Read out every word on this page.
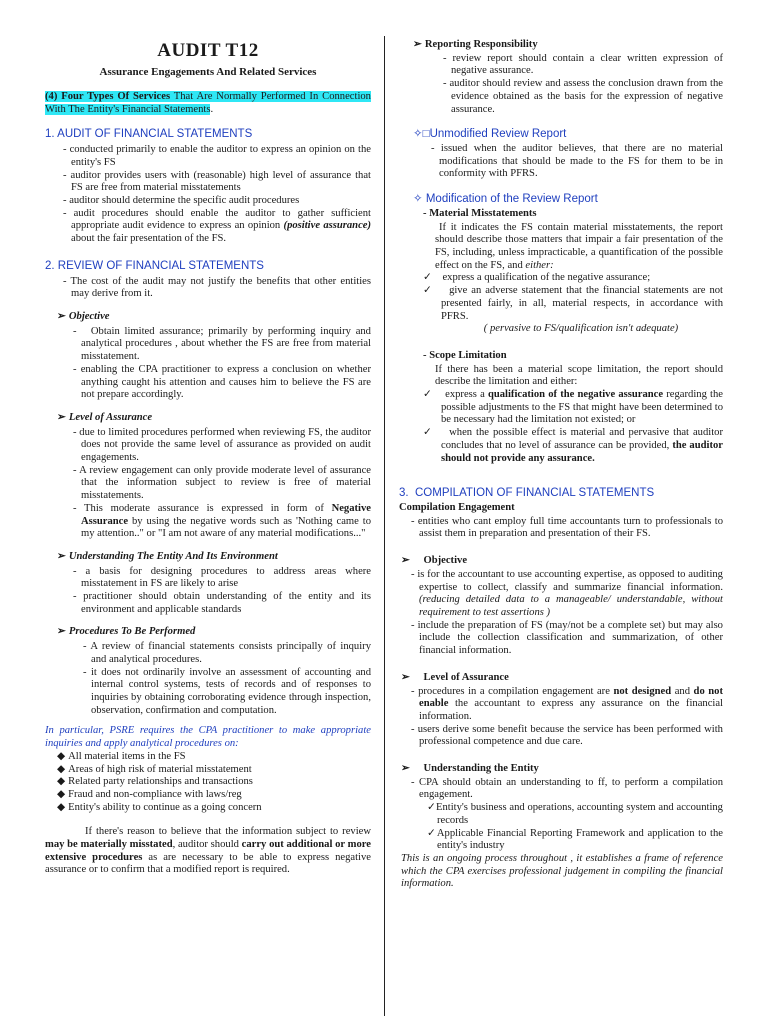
AUDIT T12
Assurance Engagements And Related Services
(4) Four Types Of Services That Are Normally Performed In Connection With The Entity's Financial Statements.
1. AUDIT OF FINANCIAL STATEMENTS
- conducted primarily to enable the auditor to express an opinion on the entity's FS
- auditor provides users with (reasonable) high level of assurance that FS are free from material misstatements
- auditor should determine the specific audit procedures
- audit procedures should enable the auditor to gather sufficient appropriate audit evidence to express an opinion (positive assurance) about the fair presentation of the FS.
2. REVIEW OF FINANCIAL STATEMENTS
- The cost of the audit may not justify the benefits that other entities may derive from it.
➢ Objective
-   Obtain limited assurance; primarily by performing inquiry and analytical procedures , about whether the FS are free from material misstatement.
- enabling the CPA practitioner to express a conclusion on whether anything caught his attention and causes him to believe the FS are not prepare accordingly.
➢ Level of Assurance
- due to limited procedures performed when reviewing FS, the auditor does not provide the same level of assurance as provided on audit engagements.
- A review engagement can only provide moderate level of assurance that the information subject to review is free of material misstatements.
- This moderate assurance is expressed in form of Negative Assurance by using the negative words such as 'Nothing came to my attention.." or "I am not aware of any material modifications..."
➢ Understanding The Entity And Its Environment
- a basis for designing procedures to address areas where misstatement in FS are likely to arise
- practitioner should obtain understanding of the entity and its environment and applicable standards
➢ Procedures To Be Performed
- A review of financial statements consists principally of inquiry and analytical procedures.
- it does not ordinarily involve an assessment of accounting and internal control systems, tests of records and of responses to inquiries by obtaining corroborating evidence through inspection, observation, confirmation and computation.
In particular, PSRE requires the CPA practitioner to make appropriate inquiries and apply analytical procedures on:
◆ All material items in the FS
◆ Areas of high risk of material misstatement
◆ Related party relationships and transactions
◆ Fraud and non-compliance with laws/reg
◆ Entity's ability to continue as a going concern
If there's reason to believe that the information subject to review may be materially misstated, auditor should carry out additional or more extensive procedures as are necessary to be able to express negative assurance or to confirm that a modified report is required.
➢ Reporting Responsibility
- review report should contain a clear written expression of negative assurance.
- auditor should review and assess the conclusion drawn from the evidence obtained as the basis for the expression of negative assurance.
✧□Unmodified Review Report
- issued when the auditor believes, that there are no material modifications that should be made to the FS for them to be in conformity with PFRS.
✧ Modification of the Review Report
- Material Misstatements
If it indicates the FS contain material misstatements, the report should describe those matters that impair a fair presentation of the FS, including, unless impracticable, a quantification of the possible effect on the FS, and either:
✓ express a qualification of the negative assurance;
✓ give an adverse statement that the financial statements are not presented fairly, in all, material respects, in accordance with PFRS.
( pervasive to FS/qualification isn't adequate)
- Scope Limitation
If there has been a material scope limitation, the report should describe the limitation and either:
✓ express a qualification of the negative assurance regarding the possible adjustments to the FS that might have been determined to be necessary had the limitation not existed; or
✓ when the possible effect is material and pervasive that auditor concludes that no level of assurance can be provided, the auditor should not provide any assurance.
3. COMPILATION OF FINANCIAL STATEMENTS
Compilation Engagement
- entities who cant employ full time accountants turn to professionals to assist them in preparation and presentation of their FS.
➢ Objective
- is for the accountant to use accounting expertise, as opposed to auditing expertise to collect, classify and summarize financial information. (reducing detailed data to a manageable/ understandable, without requirement to test assertions )
- include the preparation of FS (may/not be a complete set) but may also include the collection classification and summarization, of other financial information.
➢ Level of Assurance
- procedures in a compilation engagement are not designed and do not enable the accountant to express any assurance on the financial information.
- users derive some benefit because the service has been performed with professional competence and due care.
➢ Understanding the Entity
- CPA should obtain an understanding to ff, to perform a compilation engagement.
✓Entity's business and operations, accounting system and accounting records
✓Applicable Financial Reporting Framework and application to the entity's industry
This is an ongoing process throughout , it establishes a frame of reference which the CPA exercises professional judgement in compiling the financial information.
